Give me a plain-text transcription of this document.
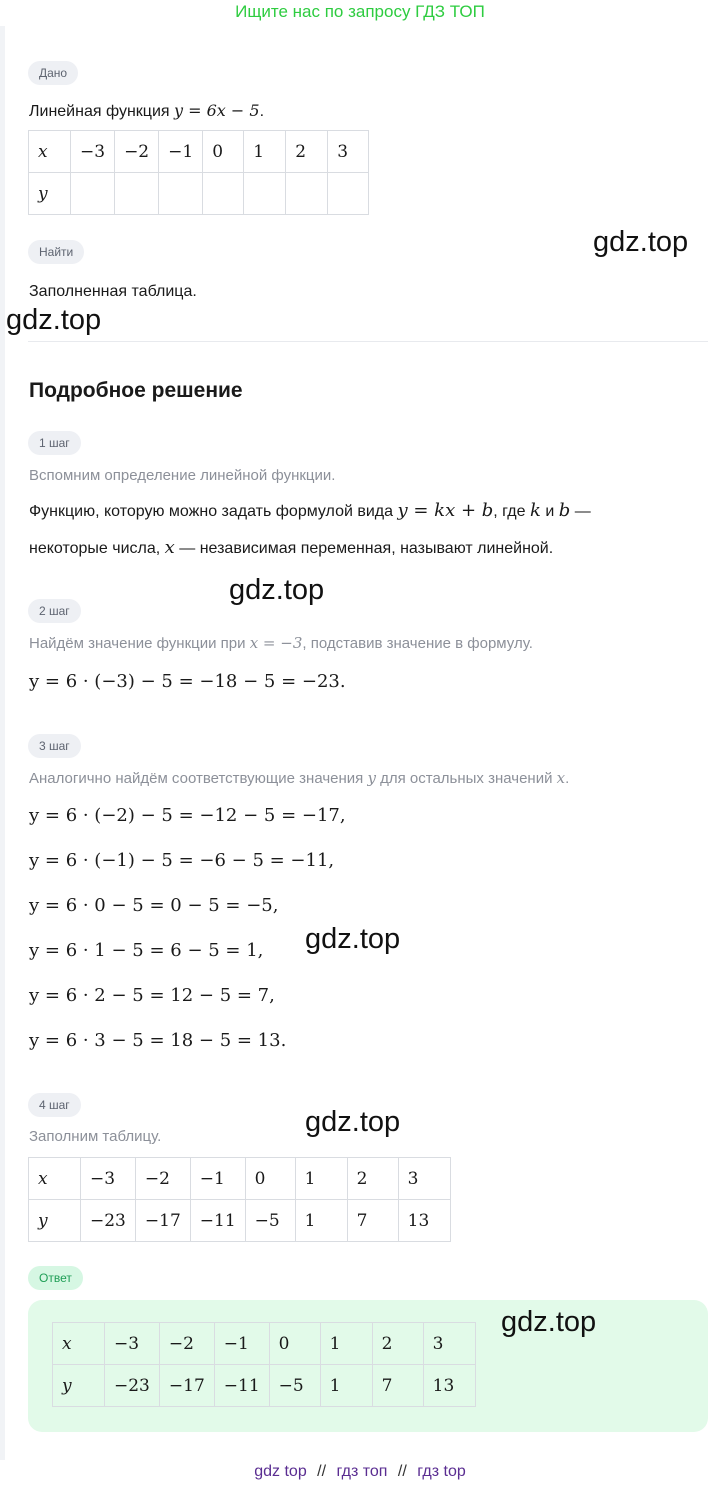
Ищите нас по запросу ГДЗ ТОП
Дано
Линейная функция y = 6x − 5.
x	−3	−2	−1	0	1	2	3
y							
Найти
Заполненная таблица.
Подробное решение
1 шаг
Вспомним определение линейной функции.
Функцию, которую можно задать формулой вида y = kx + b, где k и b —
некоторые числа, x — независимая переменная, называют линейной.
2 шаг
Найдём значение функции при x = −3, подставив значение в формулу.
y = 6 · (−3) − 5 = −18 − 5 = −23.
3 шаг
Аналогично найдём соответствующие значения y для остальных значений x.
y = 6 · (−2) − 5 = −12 − 5 = −17,
y = 6 · (−1) − 5 = −6 − 5 = −11,
y = 6 · 0 − 5 = 0 − 5 = −5,
y = 6 · 1 − 5 = 6 − 5 = 1,
y = 6 · 2 − 5 = 12 − 5 = 7,
y = 6 · 3 − 5 = 18 − 5 = 13.
4 шаг
Заполним таблицу.
x	−3	−2	−1	0	1	2	3
y	−23	−17	−11	−5	1	7	13
Ответ
x	−3	−2	−1	0	1	2	3
y	−23	−17	−11	−5	1	7	13
gdz.top
gdz.top
gdz.top
gdz.top
gdz.top
gdz.top
gdz top // гдз топ // гдз top
